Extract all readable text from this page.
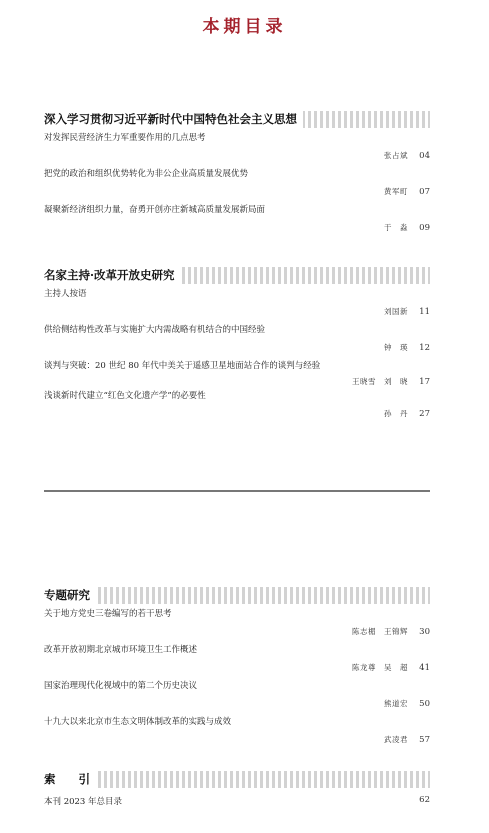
本期目录
深入学习贯彻习近平新时代中国特色社会主义思想
对发挥民营经济生力军重要作用的几点思考
张占斌	04
把党的政治和组织优势转化为非公企业高质量发展优势
黄军町	07
凝聚新经济组织力量，奋勇开创亦庄新城高质量发展新局面
于　淼	09
名家主持·改革开放史研究
主持人按语
刘国新	11
供给侧结构性改革与实施扩大内需战略有机结合的中国经验
钟　瑛	12
谈判与突破：20 世纪 80 年代中美关于遥感卫星地面站合作的谈判与经验
王晓雪　刘　晓	17
浅谈新时代建立“红色文化遗产学”的必要性
孙　丹	27
专题研究
关于地方党史三卷编写的若干思考
陈志楣　王锦辉	30
改革开放初期北京城市环境卫生工作概述
陈龙尊　吴　超	41
国家治理现代化视域中的第二个历史决议
熊道宏	50
十九大以来北京市生态文明体制改革的实践与成效
武凌君	57
索　　引
本刊 2023 年总目录	62
